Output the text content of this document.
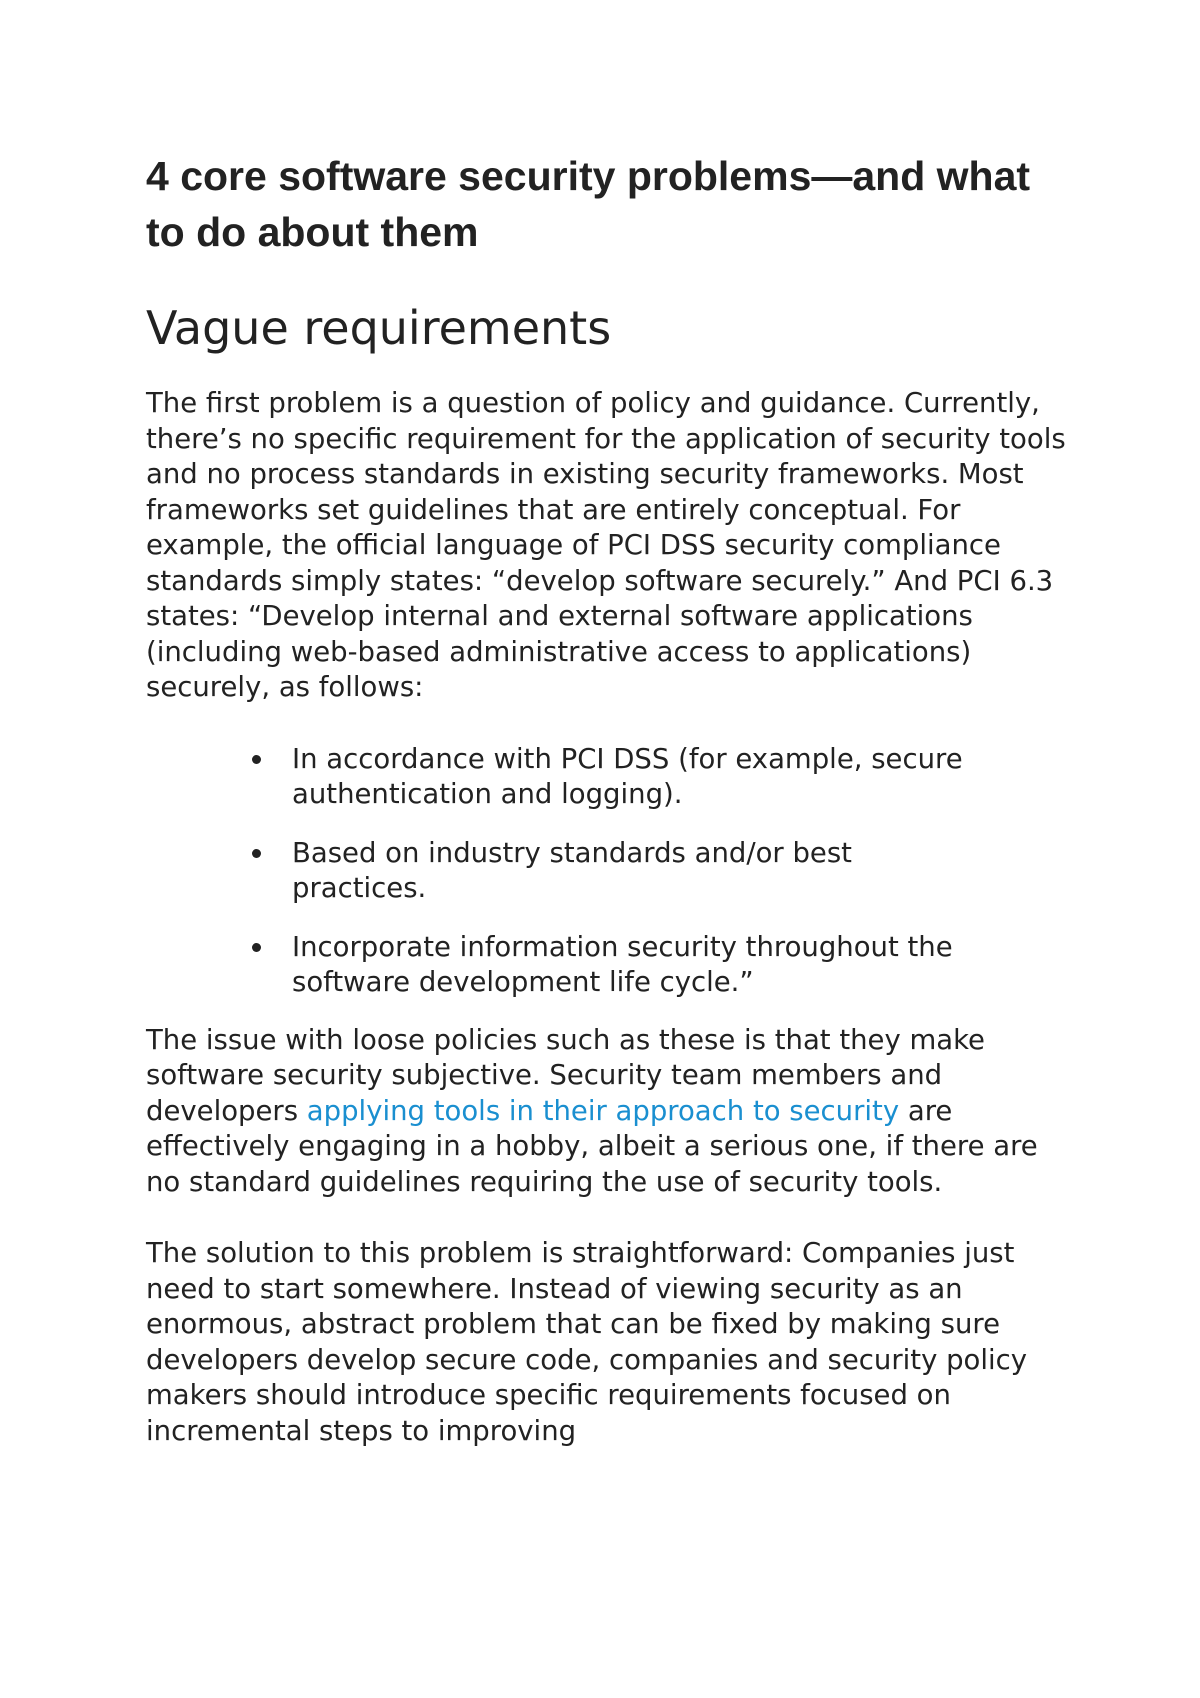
4 core software security problems—and what to do about them
Vague requirements

The first problem is a question of policy and guidance. Currently, there’s no specific requirement for the application of security tools and no process standards in existing security frameworks. Most frameworks set guidelines that are entirely conceptual. For example, the official language of PCI DSS security compliance standards simply states: “develop software securely.” And PCI 6.3 states: “Develop internal and external software applications (including web-based administrative access to applications) securely, as follows:

In accordance with PCI DSS (for example, secure authentication and logging).
Based on industry standards and/or best practices.
Incorporate information security throughout the software development life cycle.”

The issue with loose policies such as these is that they make software security subjective. Security team members and developers applying tools in their approach to security are effectively engaging in a hobby, albeit a serious one, if there are no standard guidelines requiring the use of security tools.

The solution to this problem is straightforward: Companies just need to start somewhere. Instead of viewing security as an enormous, abstract problem that can be fixed by making sure developers develop secure code, companies and security policy makers should introduce specific requirements focused on incremental steps to improving
